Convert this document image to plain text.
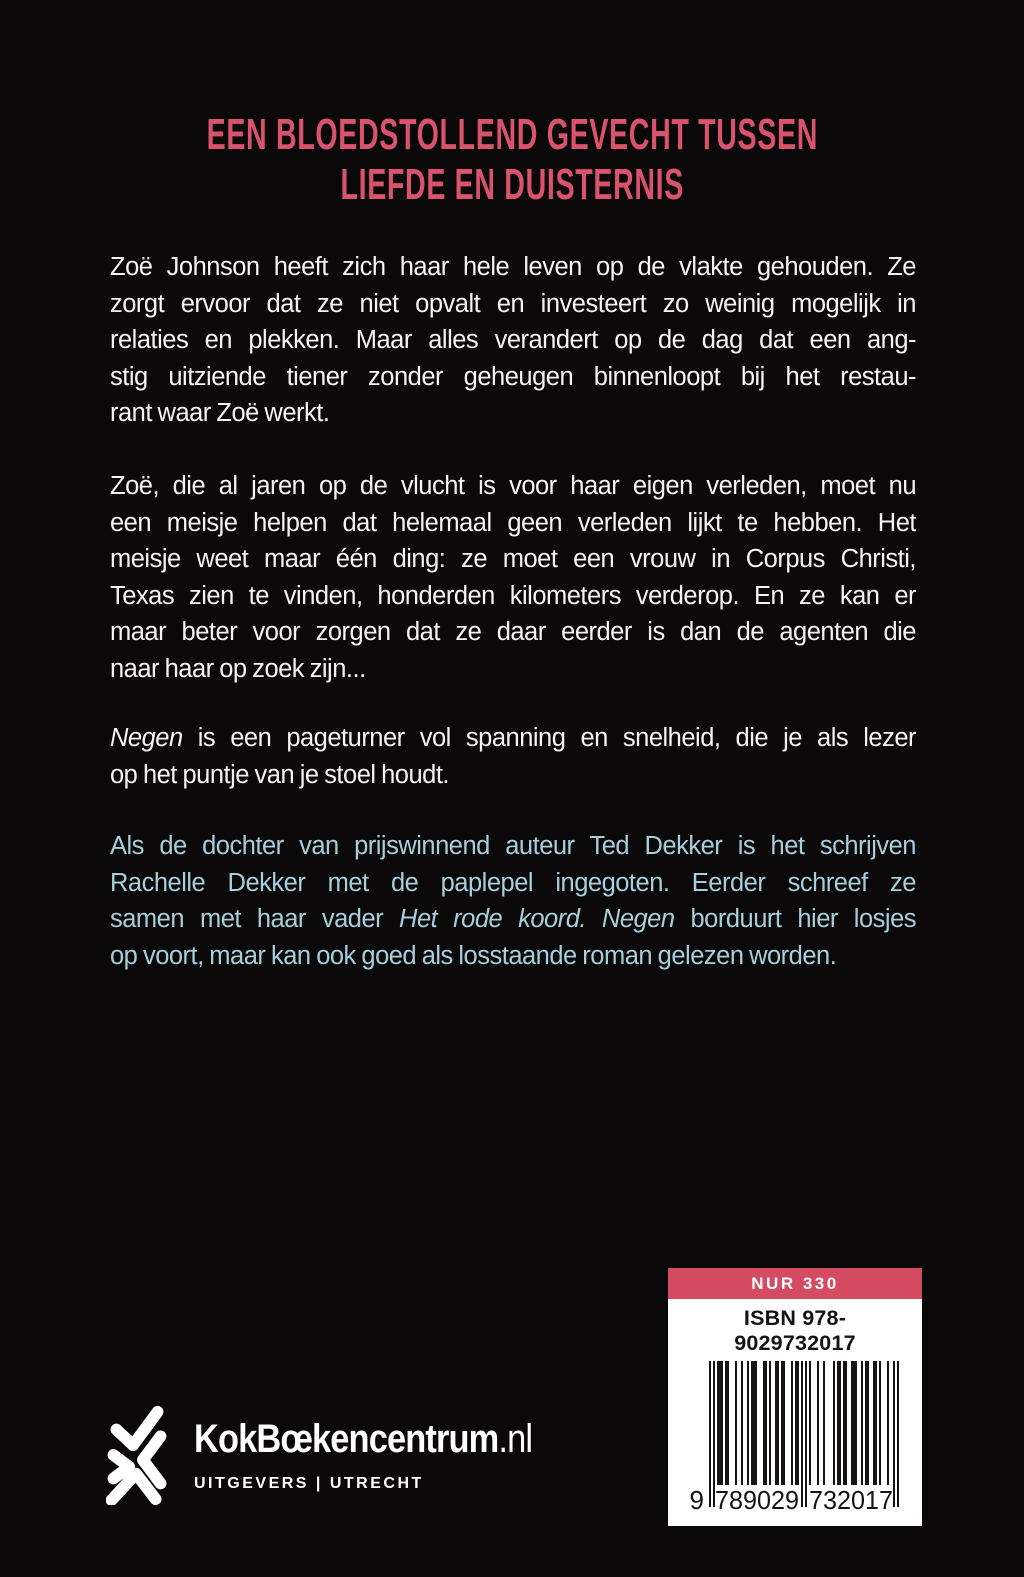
EEN BLOEDSTOLLEND GEVECHT TUSSEN
LIEFDE EN DUISTERNIS
Zoë Johnson heeft zich haar hele leven op de vlakte gehouden. Ze
zorgt ervoor dat ze niet opvalt en investeert zo weinig mogelijk in
relaties en plekken. Maar alles verandert op de dag dat een ang-
stig uitziende tiener zonder geheugen binnenloopt bij het restau-
rant waar Zoë werkt.
Zoë, die al jaren op de vlucht is voor haar eigen verleden, moet nu
een meisje helpen dat helemaal geen verleden lijkt te hebben. Het
meisje weet maar één ding: ze moet een vrouw in Corpus Christi,
Texas zien te vinden, honderden kilometers verderop. En ze kan er
maar beter voor zorgen dat ze daar eerder is dan de agenten die
naar haar op zoek zijn...
Negen is een pageturner vol spanning en snelheid, die je als lezer
op het puntje van je stoel houdt.
Als de dochter van prijswinnend auteur Ted Dekker is het schrijven
Rachelle Dekker met de paplepel ingegoten. Eerder schreef ze
samen met haar vader Het rode koord. Negen borduurt hier losjes
op voort, maar kan ook goed als losstaande roman gelezen worden.
KokBœkencentrum.nl
UITGEVERS | UTRECHT
NUR 330
ISBN 978-9029732017
9 789029 732017
